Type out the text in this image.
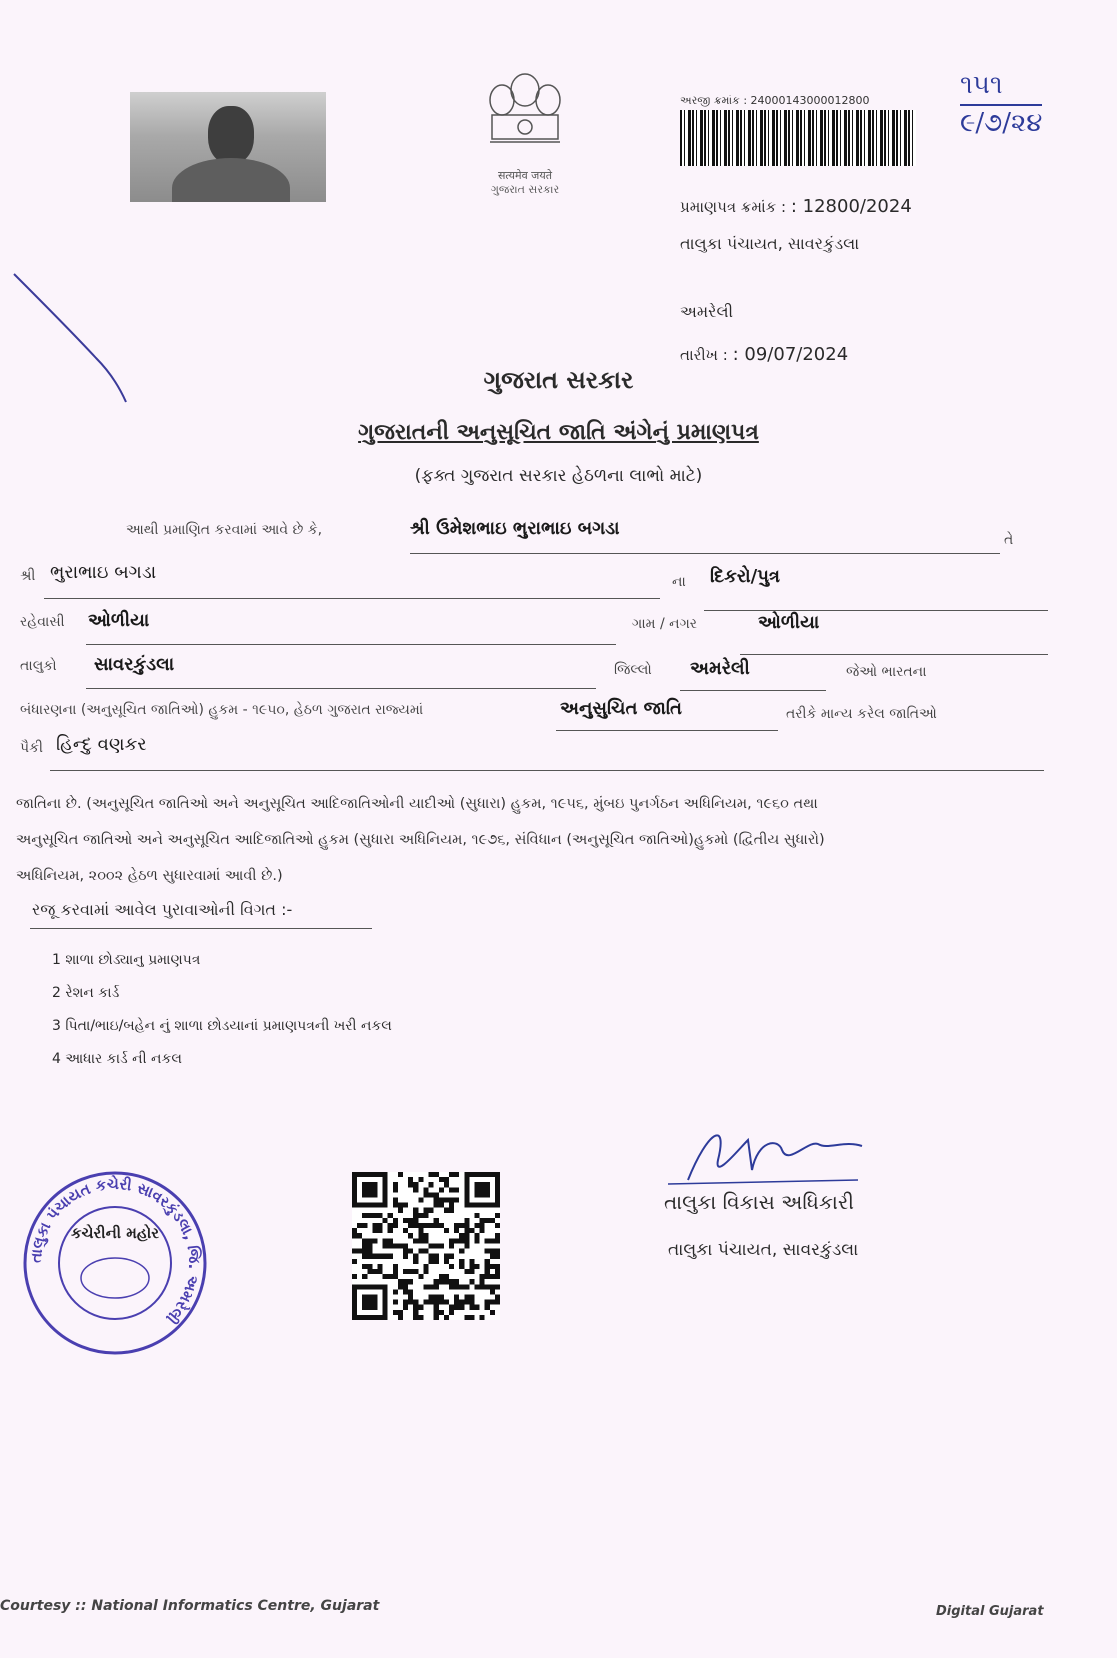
सत्यमेव जयते
ગુજરાત સરકાર
અરજી ક્રમાંક : 24000143000012800
૧૫૧
૯/૭/૨૪
પ્રમાણપત્ર ક્રમાંક : : 12800/2024
તાલુકા પંચાયત, સાવરકુંડલા
અમરેલી
તારીખ : : 09/07/2024
ગુજરાત સરકાર
ગુજરાતની અનુસૂચિત જાતિ અંગેનું પ્રમાણપત્ર
(ફક્ત ગુજરાત સરકાર હેઠળના લાભો માટે)
આથી પ્રમાણિત કરવામાં આવે છે કે,	શ્રી ઉમેશભાઇ ભુરાભાઇ બગડા
તે
શ્રી ભુરાભાઇ બગડા	ના દિકરો/પુત્ર
રહેવાસી ઓળીયા	ગામ / નગર	ઓળીયા
તાલુકો સાવરકુંડલા	જિલ્લો અમરેલી	જેઓ ભારતના
બંધારણના (અનુસૂચિત જાતિઓ) હુકમ - ૧૯૫૦, હેઠળ ગુજરાત રાજ્યમાં	અનુસુચિત જાતિ	તરીકે માન્ય કરેલ જાતિઓ
પૈકી હિન્દુ વણકર
જાતિના છે. (અનુસૂચિત જાતિઓ અને અનુસૂચિત આદિજાતિઓની યાદીઓ (સુધારા) હુકમ, ૧૯૫૬, મુંબઇ પુનર્ગઠન અધિનિયમ, ૧૯૬૦ તથા
અનુસૂચિત જાતિઓ અને અનુસૂચિત આદિજાતિઓ હુકમ (સુધારા અધિનિયમ, ૧૯૭૬, સંવિધાન (અનુસૂચિત જાતિઓ)હુકમો (દ્વિતીય સુધારો)
અધિનિયમ, ૨૦૦૨ હેઠળ સુધારવામાં આવી છે.)
રજૂ કરવામાં આવેલ પુરાવાઓની વિગત :-
1 શાળા છોડ્યાનુ પ્રમાણપત્ર
2 રેશન કાર્ડ
3 પિતા/ભાઇ/બહેન નું શાળા છોડયાનાં પ્રમાણપત્રની ખરી નકલ
4 આધાર કાર્ડ ની નકલ
તાલુકા પંચાયત કચેરી સાવરકુંડલા, જિ. અમરેલી
કચેરીની મહોર
તાલુકા વિકાસ અધિકારી
તાલુકા પંચાયત, સાવરકુંડલા
Courtesy :: National Informatics Centre, Gujarat	Digital Gujarat
